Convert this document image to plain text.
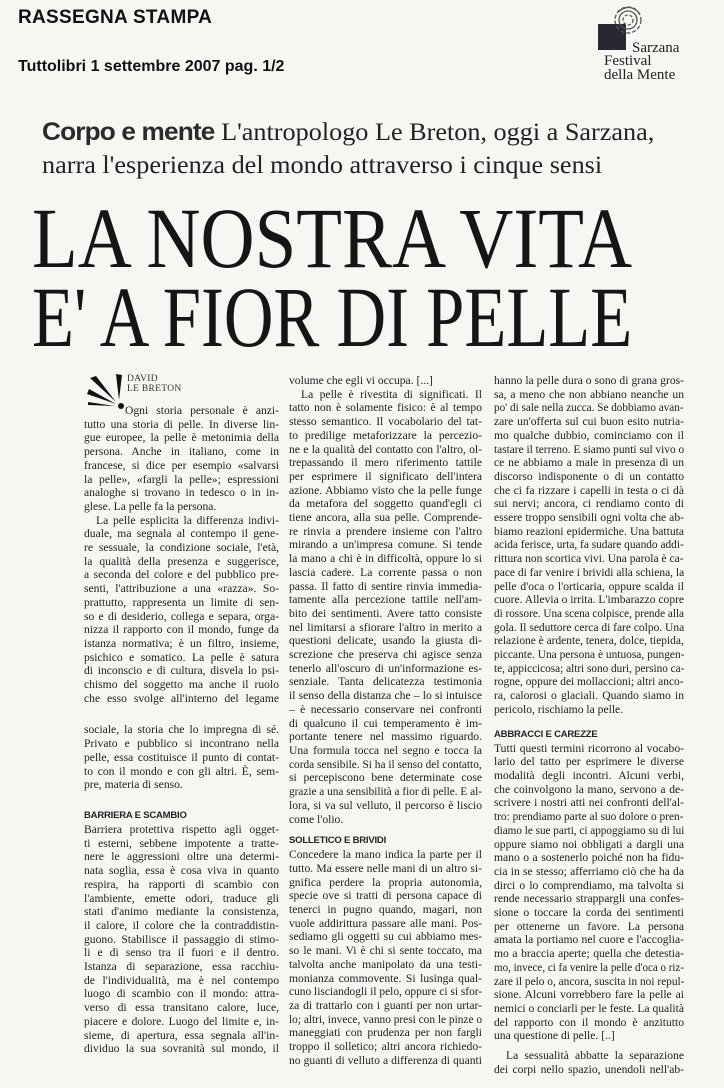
RASSEGNA STAMPA
Tuttolibri 1 settembre 2007 pag. 1/2
Sarzana
Festival
della Mente
Corpo e mente L'antropologo Le Breton, oggi a Sarzana,
narra l'esperienza del mondo attraverso i cinque sensi
LA NOSTRA VITA
E' A FIOR DI PELLE
DAVID
LE BRETON
Ogni storia personale è anzi-
tutto una storia di pelle. In diverse lin-
gue europee, la pelle è metonimia della
persona. Anche in italiano, come in
francese, si dice per esempio «salvarsi
la pelle», «fargli la pelle»; espressioni
analoghe si trovano in tedesco o in in-
glese. La pelle fa la persona.
La pelle esplicita la differenza indivi-
duale, ma segnala al contempo il gene-
re sessuale, la condizione sociale, l'età,
la qualità della presenza e suggerisce,
a seconda del colore e del pubblico pre-
senti, l'attribuzione a una «razza». So-
prattutto, rappresenta un limite di sen-
so e di desiderio, collega e separa, orga-
nizza il rapporto con il mondo, funge da
istanza normativa; è un filtro, insieme,
psichico e somatico. La pelle è satura
di inconscio e di cultura, disvela lo psi-
chismo del soggetto ma anche il ruolo
che esso svolge all'interno del legame
sociale, la storia che lo impregna di sé.
Privato e pubblico si incontrano nella
pelle, essa costituisce il punto di contat-
to con il mondo e con gli altri. È, sem-
pre, materia di senso.
BARRIERA E SCAMBIO
Barriera protettiva rispetto agli ogget-
ti esterni, sebbene impotente a tratte-
nere le aggressioni oltre una determi-
nata soglia, essa è cosa viva in quanto
respira, ha rapporti di scambio con
l'ambiente, emette odori, traduce gli
stati d'animo mediante la consistenza,
il calore, il colore che la contraddistin-
guono. Stabilisce il passaggio di stimo-
li e di senso tra il fuori e il dentro.
Istanza di separazione, essa racchiu-
de l'individualità, ma è nel contempo
luogo di scambio con il mondo: attra-
verso di essa transitano calore, luce,
piacere e dolore. Luogo del limite e, in-
sieme, di apertura, essa segnala all'in-
dividuo la sua sovranità sul mondo, il
volume che egli vi occupa. [...]
La pelle è rivestita di significati. Il
tatto non è solamente fisico: è al tempo
stesso semantico. Il vocabolario del tat-
to predilige metaforizzare la percezio-
ne e la qualità del contatto con l'altro, ol-
trepassando il mero riferimento tattile
per esprimere il significato dell'intera
azione. Abbiamo visto che la pelle funge
da metafora del soggetto quand'egli ci
tiene ancora, alla sua pelle. Comprende-
re rinvia a prendere insieme con l'altro
mirando a un'impresa comune. Si tende
la mano a chi è in difficoltà, oppure lo si
lascia cadere. La corrente passa o non
passa. Il fatto di sentire rinvia immedia-
tamente alla percezione tattile nell'am-
bito dei sentimenti. Avere tatto consiste
nel limitarsi a sfiorare l'altro in merito a
questioni delicate, usando la giusta di-
screzione che preserva chi agisce senza
tenerlo all'oscuro di un'informazione es-
senziale. Tanta delicatezza testimonia
il senso della distanza che – lo si intuisce
– è necessario conservare nei confronti
di qualcuno il cui temperamento è im-
portante tenere nel massimo riguardo.
Una formula tocca nel segno e tocca la
corda sensibile. Si ha il senso del contatto,
si percepiscono bene determinate cose
grazie a una sensibilità a fior di pelle. E al-
lora, si va sul velluto, il percorso è liscio
come l'olio.
SOLLETICO E BRIVIDI
Concedere la mano indica la parte per il
tutto. Ma essere nelle mani di un altro si-
gnifica perdere la propria autonomia,
specie ove si tratti di persona capace di
tenerci in pugno quando, magari, non
vuole addirittura passare alle mani. Pos-
sediamo gli oggetti su cui abbiamo mes-
so le mani. Vi è chi si sente toccato, ma
talvolta anche manipolato da una testi-
monianza commovente. Si lusinga qual-
cuno lisciandogli il pelo, oppure ci si sfor-
za di trattarlo con i guanti per non urtar-
lo; altri, invece, vanno presi con le pinze o
maneggiati con prudenza per non fargli
troppo il solletico; altri ancora richiedo-
no guanti di velluto a differenza di quanti
hanno la pelle dura o sono di grana gros-
sa, a meno che non abbiano neanche un
po' di sale nella zucca. Se dobbiamo avan-
zare un'offerta sul cui buon esito nutria-
mo qualche dubbio, cominciamo con il
tastare il terreno. E siamo punti sul vivo o
ce ne abbiamo a male in presenza di un
discorso indisponente o di un contatto
che ci fa rizzare i capelli in testa o ci dà
sui nervi; ancora, ci rendiamo conto di
essere troppo sensibili ogni volta che ab-
biamo reazioni epidermiche. Una battuta
acida ferisce, urta, fa sudare quando addi-
rittura non scortica vivi. Una parola è ca-
pace di far venire i brividi alla schiena, la
pelle d'oca o l'orticaria, oppure scalda il
cuore. Allevia o irrita. L'imbarazzo copre
di rossore. Una scena colpisce, prende alla
gola. Il seduttore cerca di fare colpo. Una
relazione è ardente, tenera, dolce, tiepida,
piccante. Una persona è untuosa, pungen-
te, appiccicosa; altri sono duri, persino ca-
rogne, oppure dei mollaccioni; altri anco-
ra, calorosi o glaciali. Quando siamo in
pericolo, rischiamo la pelle.
ABBRACCI E CAREZZE
Tutti questi termini ricorrono al vocabo-
lario del tatto per esprimere le diverse
modalità degli incontri. Alcuni verbi,
che coinvolgono la mano, servono a de-
scrivere i nostri atti nei confronti dell'al-
tro: prendiamo parte al suo dolore o pren-
diamo le sue parti, ci appoggiamo su di lui
oppure siamo noi obbligati a dargli una
mano o a sostenerlo poiché non ha fidu-
cia in se stesso; afferriamo ciò che ha da
dirci o lo comprendiamo, ma talvolta si
rende necessario strappargli una confes-
sione o toccare la corda dei sentimenti
per ottenerne un favore. La persona
amata la portiamo nel cuore e l'accoglia-
mo a braccia aperte; quella che detestia-
mo, invece, ci fa venire la pelle d'oca o riz-
zare il pelo o, ancora, suscita in noi repul-
sione. Alcuni vorrebbero fare la pelle ai
nemici o conciarli per le feste. La qualità
del rapporto con il mondo è anzitutto
una questione di pelle. [..]
La sessualità abbatte la separazione
dei corpi nello spazio, unendoli nell'ab-
